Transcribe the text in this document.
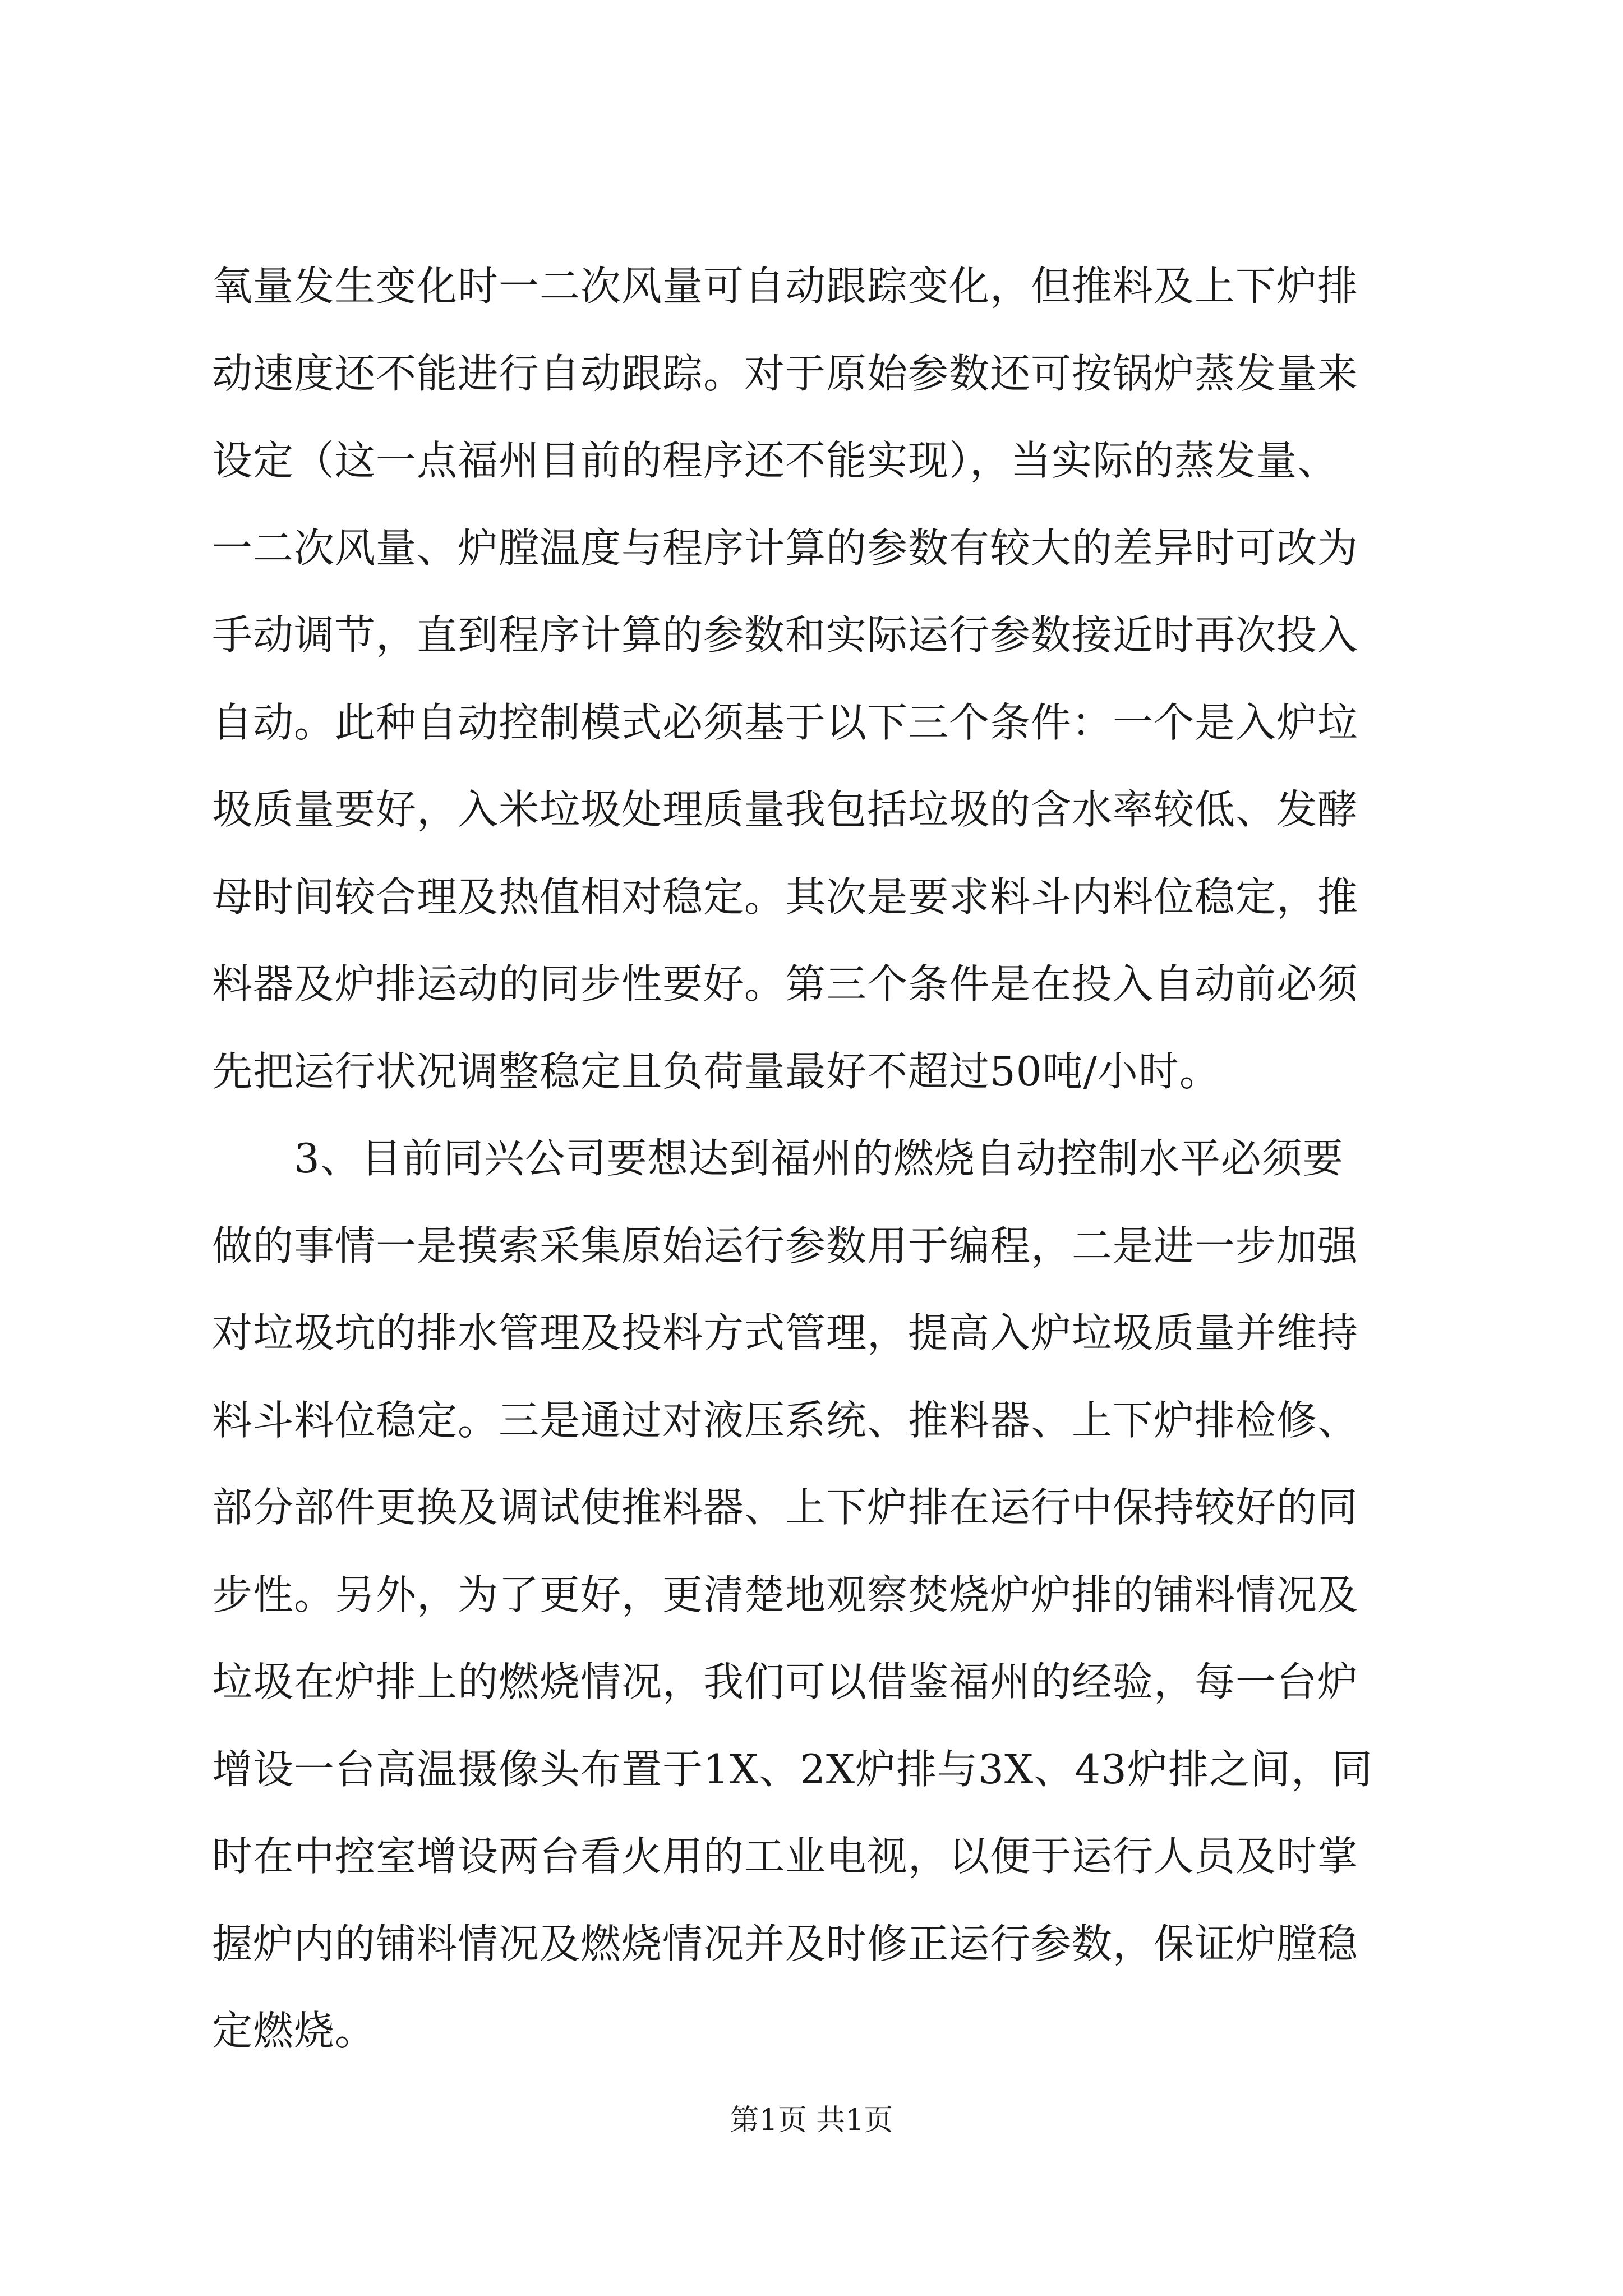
氧量发生变化时一二次风量可自动跟踪变化，但推料及上下炉排
动速度还不能进行自动跟踪。对于原始参数还可按锅炉蒸发量来
设定（这一点福州目前的程序还不能实现），当实际的蒸发量、
一二次风量、炉膛温度与程序计算的参数有较大的差异时可改为
手动调节，直到程序计算的参数和实际运行参数接近时再次投入
自动。此种自动控制模式必须基于以下三个条件：一个是入炉垃
圾质量要好，入米垃圾处理质量我包括垃圾的含水率较低、发酵
母时间较合理及热值相对稳定。其次是要求料斗内料位稳定，推
料器及炉排运动的同步性要好。第三个条件是在投入自动前必须
先把运行状况调整稳定且负荷量最好不超过50吨/小时。
3、目前同兴公司要想达到福州的燃烧自动控制水平必须要
做的事情一是摸索采集原始运行参数用于编程，二是进一步加强
对垃圾坑的排水管理及投料方式管理，提高入炉垃圾质量并维持
料斗料位稳定。三是通过对液压系统、推料器、上下炉排检修、
部分部件更换及调试使推料器、上下炉排在运行中保持较好的同
步性。另外，为了更好，更清楚地观察焚烧炉炉排的铺料情况及
垃圾在炉排上的燃烧情况，我们可以借鉴福州的经验，每一台炉
增设一台高温摄像头布置于1X、2X炉排与3X、43炉排之间，同
时在中控室增设两台看火用的工业电视，以便于运行人员及时掌
握炉内的铺料情况及燃烧情况并及时修正运行参数，保证炉膛稳
定燃烧。
第1页 共1页
